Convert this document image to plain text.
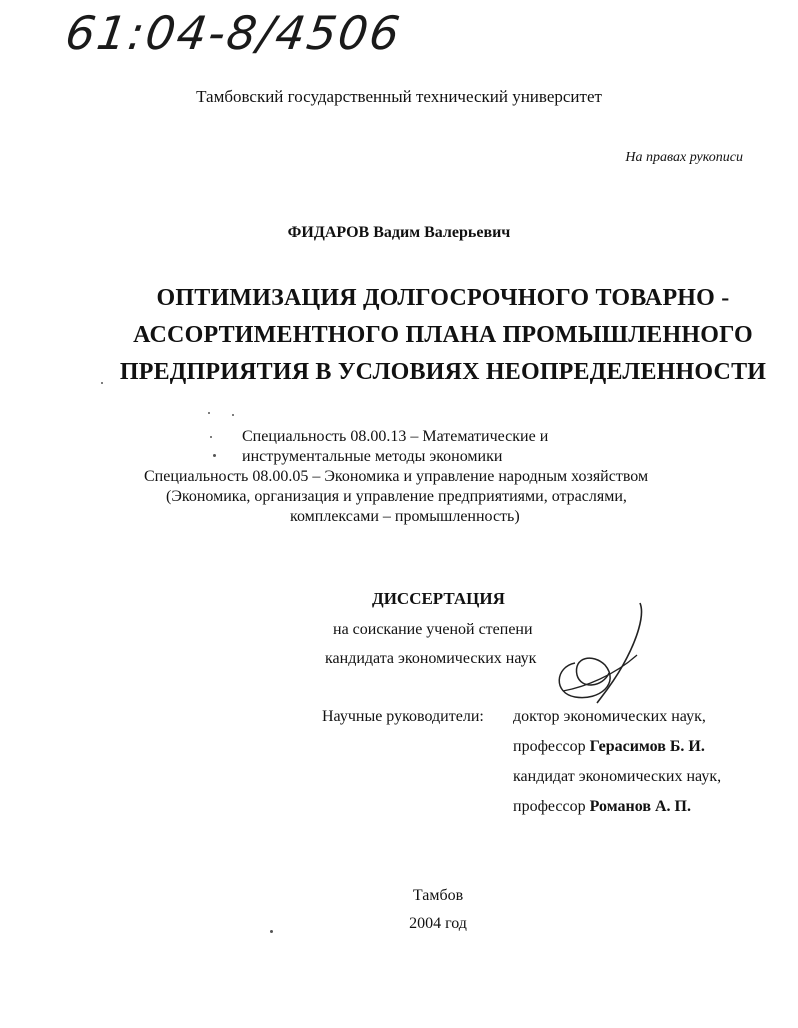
61:04-8/4506
Тамбовский государственный технический университет
На правах рукописи
ФИДАРОВ Вадим Валерьевич
ОПТИМИЗАЦИЯ ДОЛГОСРОЧНОГО ТОВАРНО -
АССОРТИМЕНТНОГО ПЛАНА ПРОМЫШЛЕННОГО
ПРЕДПРИЯТИЯ В УСЛОВИЯХ НЕОПРЕДЕЛЕННОСТИ
Специальность 08.00.13 – Математические и
инструментальные методы экономики
Специальность 08.00.05 – Экономика и управление народным хозяйством
(Экономика, организация и управление предприятиями, отраслями,
комплексами – промышленность)
ДИССЕРТАЦИЯ
на соискание ученой степени
кандидата экономических наук
Научные руководители: доктор экономических наук,
профессор Герасимов Б. И.
кандидат экономических наук,
профессор Романов А. П.
Тамбов
2004 год
